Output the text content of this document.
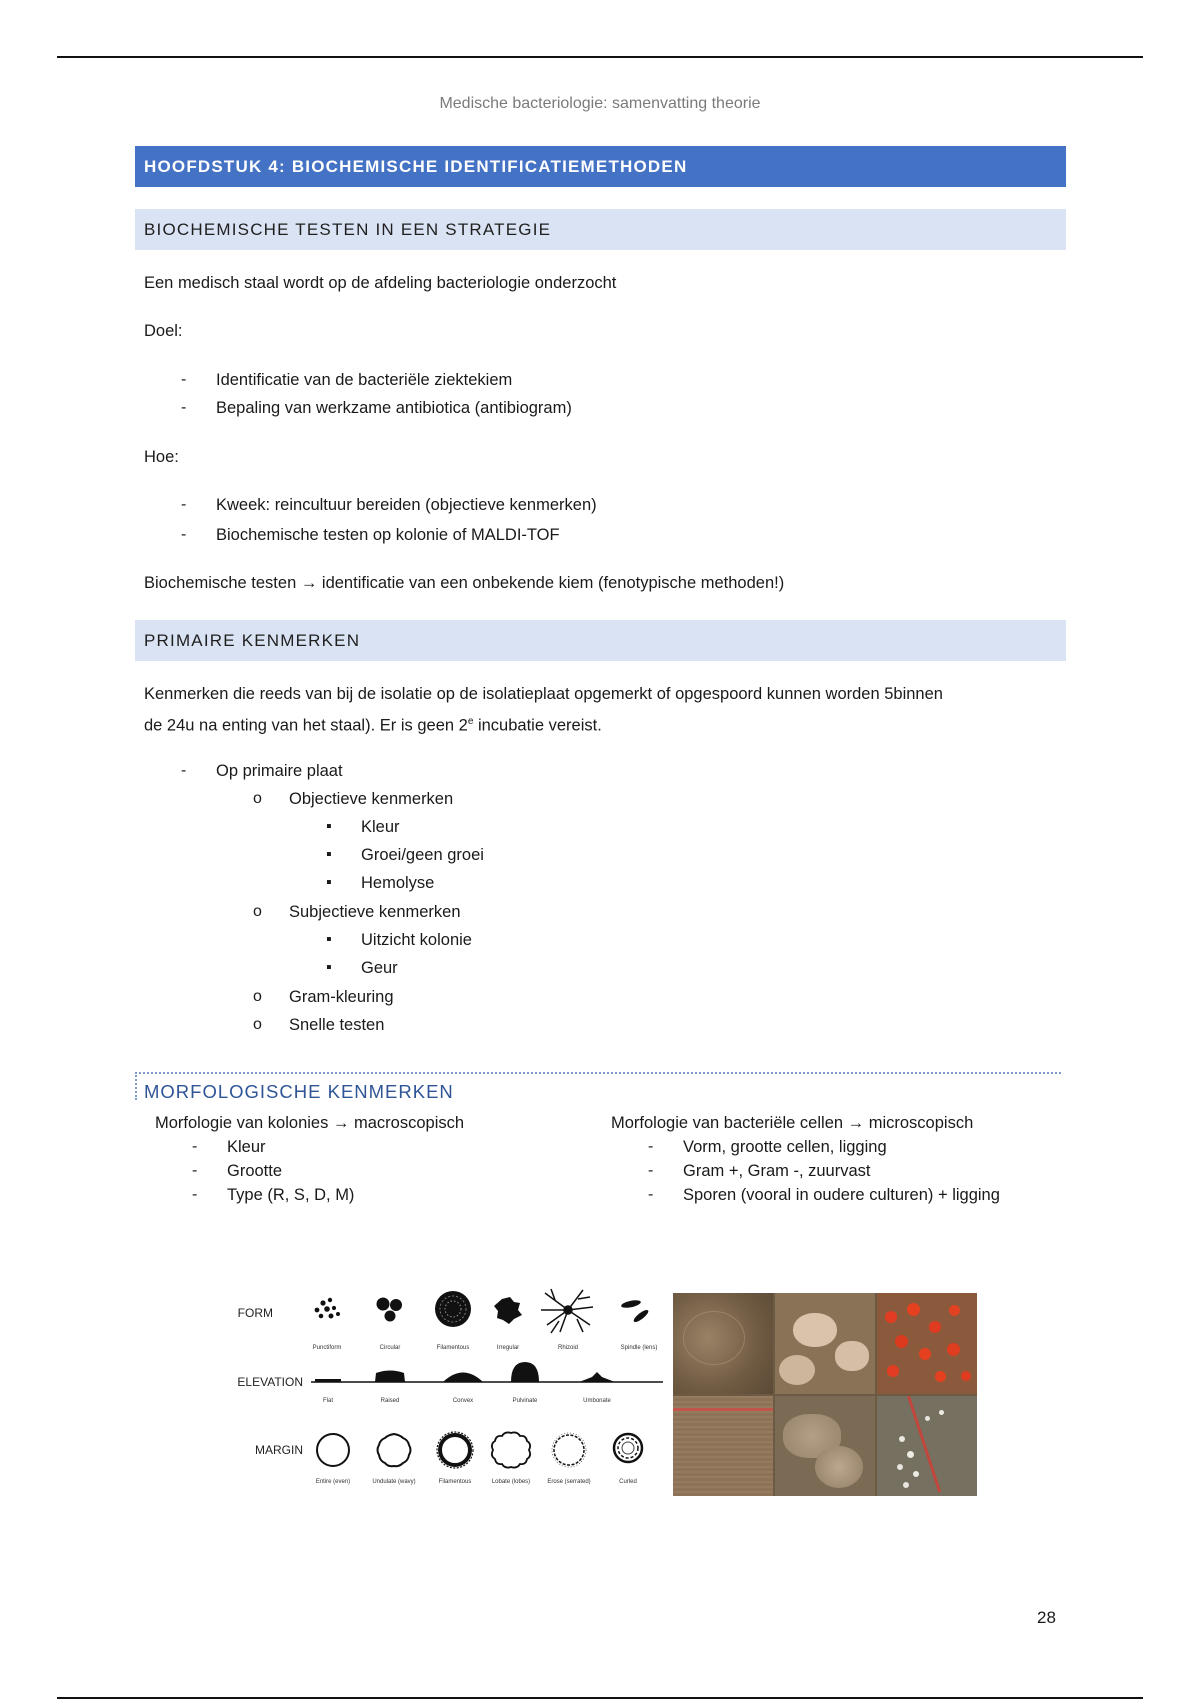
Medische bacteriologie: samenvatting theorie
HOOFDSTUK 4: BIOCHEMISCHE IDENTIFICATIEMETHODEN
BIOCHEMISCHE TESTEN IN EEN STRATEGIE
Een medisch staal wordt op de afdeling bacteriologie onderzocht
Doel:
- Identificatie van de bacteriële ziektekiem
- Bepaling van werkzame antibiotica (antibiogram)
Hoe:
- Kweek: reincultuur bereiden (objectieve kenmerken)
- Biochemische testen op kolonie of MALDI-TOF
Biochemische testen → identificatie van een onbekende kiem (fenotypische methoden!)
PRIMAIRE KENMERKEN
Kenmerken die reeds van bij de isolatie op de isolatieplaat opgemerkt of opgespoord kunnen worden 5binnen
de 24u na enting van het staal). Er is geen 2e incubatie vereist.
- Op primaire plaat
o Objectieve kenmerken
▪ Kleur
▪ Groei/geen groei
▪ Hemolyse
o Subjectieve kenmerken
▪ Uitzicht kolonie
▪ Geur
o Gram-kleuring
o Snelle testen
MORFOLOGISCHE KENMERKEN
Morfologie van kolonies → macroscopisch
- Kleur
- Grootte
- Type (R, S, D, M)
Morfologie van bacteriële cellen → microscopisch
- Vorm, grootte cellen, ligging
- Gram +, Gram -, zuurvast
- Sporen (vooral in oudere culturen) + ligging
FORM
Punctiform	Circular	Filamentous	Irregular	Rhizoid	Spindle (lens)
ELEVATION
Flat	Raised	Convex	Pulvinate	Umbonate
MARGIN
Entire (even)	Undulate (wavy)	Filamentous	Lobate (lobes)	Erose (serrated)	Curled
28
